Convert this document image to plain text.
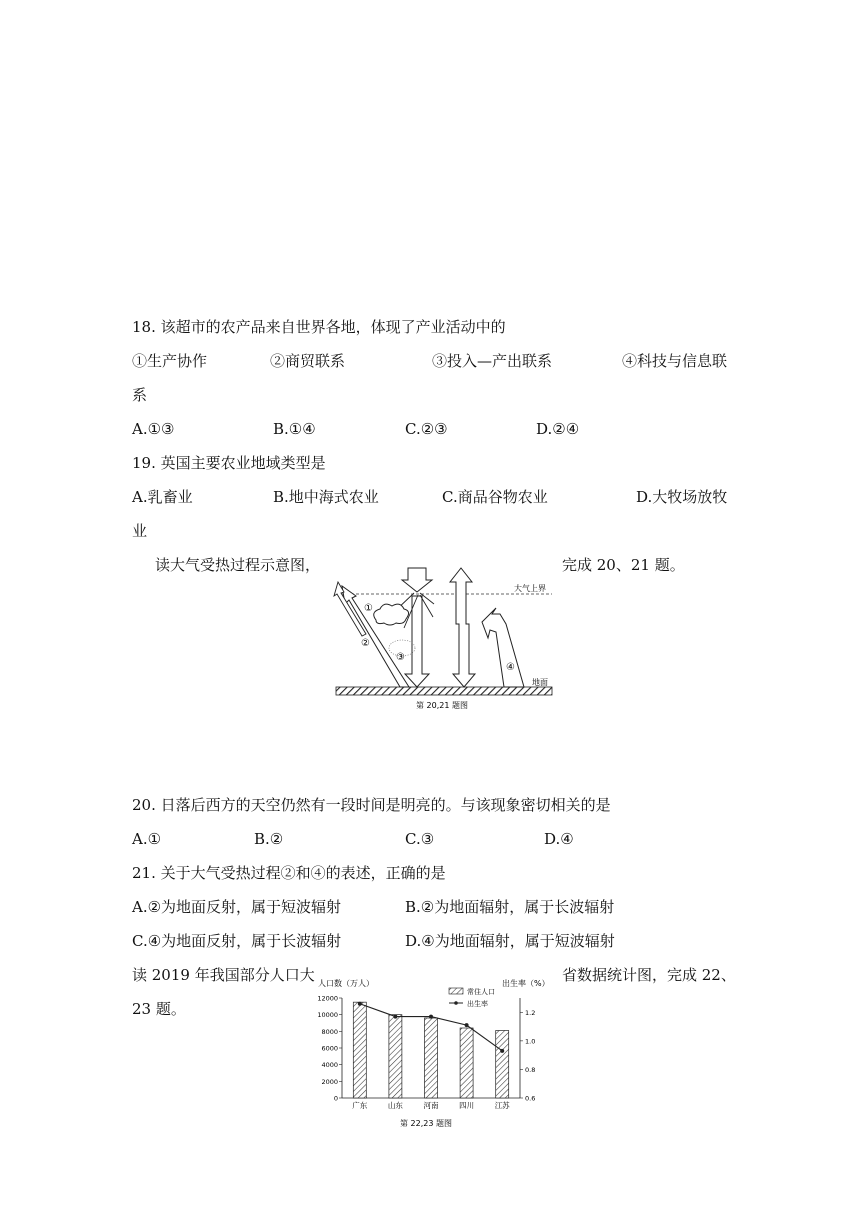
18. 该超市的农产品来自世界各地，体现了产业活动中的
①生产协作	②商贸联系	③投入—产出联系	④科技与信息联
系
A.①③	B.①④	C.②③	D.②④
19. 英国主要农业地域类型是
A.乳畜业	B.地中海式农业	C.商品谷物农业	D.大牧场放牧
业
读大气受热过程示意图，	完成 20、21 题。
大气上界
地面
①
②
③
④
第 20,21 题图
20. 日落后西方的天空仍然有一段时间是明亮的。与该现象密切相关的是
A.①	B.②	C.③	D.④
21. 关于大气受热过程②和④的表述，正确的是
A.②为地面反射，属于短波辐射	B.②为地面辐射，属于长波辐射
C.④为地面反射，属于长波辐射	D.④为地面辐射，属于短波辐射
读 2019 年我国部分人口大	省数据统计图，完成 22、
23 题。
人口数（万人）	出生率（%）
常住人口
出生率
0
2000
4000
6000
8000
10000
12000
0.6
0.8
1.0
1.2
广东	山东	河南	四川	江苏
第 22,23 题图
